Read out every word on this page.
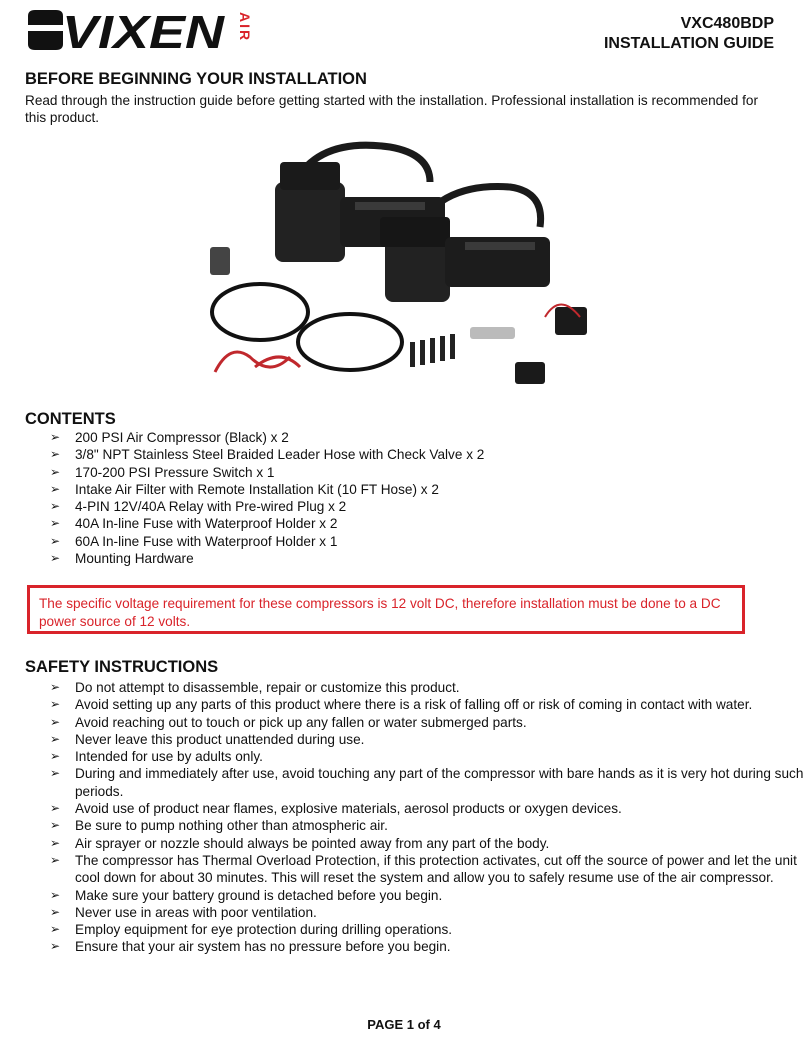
VIXEN AIR	VXC480BDP
INSTALLATION GUIDE
BEFORE BEGINNING YOUR INSTALLATION

Read through the instruction guide before getting started with the installation. Professional installation is recommended for this product.

CONTENTS
➢ 200 PSI Air Compressor (Black) x 2
➢ 3/8" NPT Stainless Steel Braided Leader Hose with Check Valve x 2
➢ 170-200 PSI Pressure Switch x 1
➢ Intake Air Filter with Remote Installation Kit (10 FT Hose) x 2
➢ 4-PIN 12V/40A Relay with Pre-wired Plug x 2
➢ 40A In-line Fuse with Waterproof Holder x 2
➢ 60A In-line Fuse with Waterproof Holder x 1
➢ Mounting Hardware
The specific voltage requirement for these compressors is 12 volt DC, therefore installation must be done to a DC power source of 12 volts.
SAFETY INSTRUCTIONS
➢ Do not attempt to disassemble, repair or customize this product.
➢ Avoid setting up any parts of this product where there is a risk of falling off or risk of coming in contact with water.
➢ Avoid reaching out to touch or pick up any fallen or water submerged parts.
➢ Never leave this product unattended during use.
➢ Intended for use by adults only.
➢ During and immediately after use, avoid touching any part of the compressor with bare hands as it is very hot during such periods.
➢ Avoid use of product near flames, explosive materials, aerosol products or oxygen devices.
➢ Be sure to pump nothing other than atmospheric air.
➢ Air sprayer or nozzle should always be pointed away from any part of the body.
➢ The compressor has Thermal Overload Protection, if this protection activates, cut off the source of power and let the unit cool down for about 30 minutes. This will reset the system and allow you to safely resume use of the air compressor.
➢ Make sure your battery ground is detached before you begin.
➢ Never use in areas with poor ventilation.
➢ Employ equipment for eye protection during drilling operations.
➢ Ensure that your air system has no pressure before you begin.
PAGE 1 of 4
